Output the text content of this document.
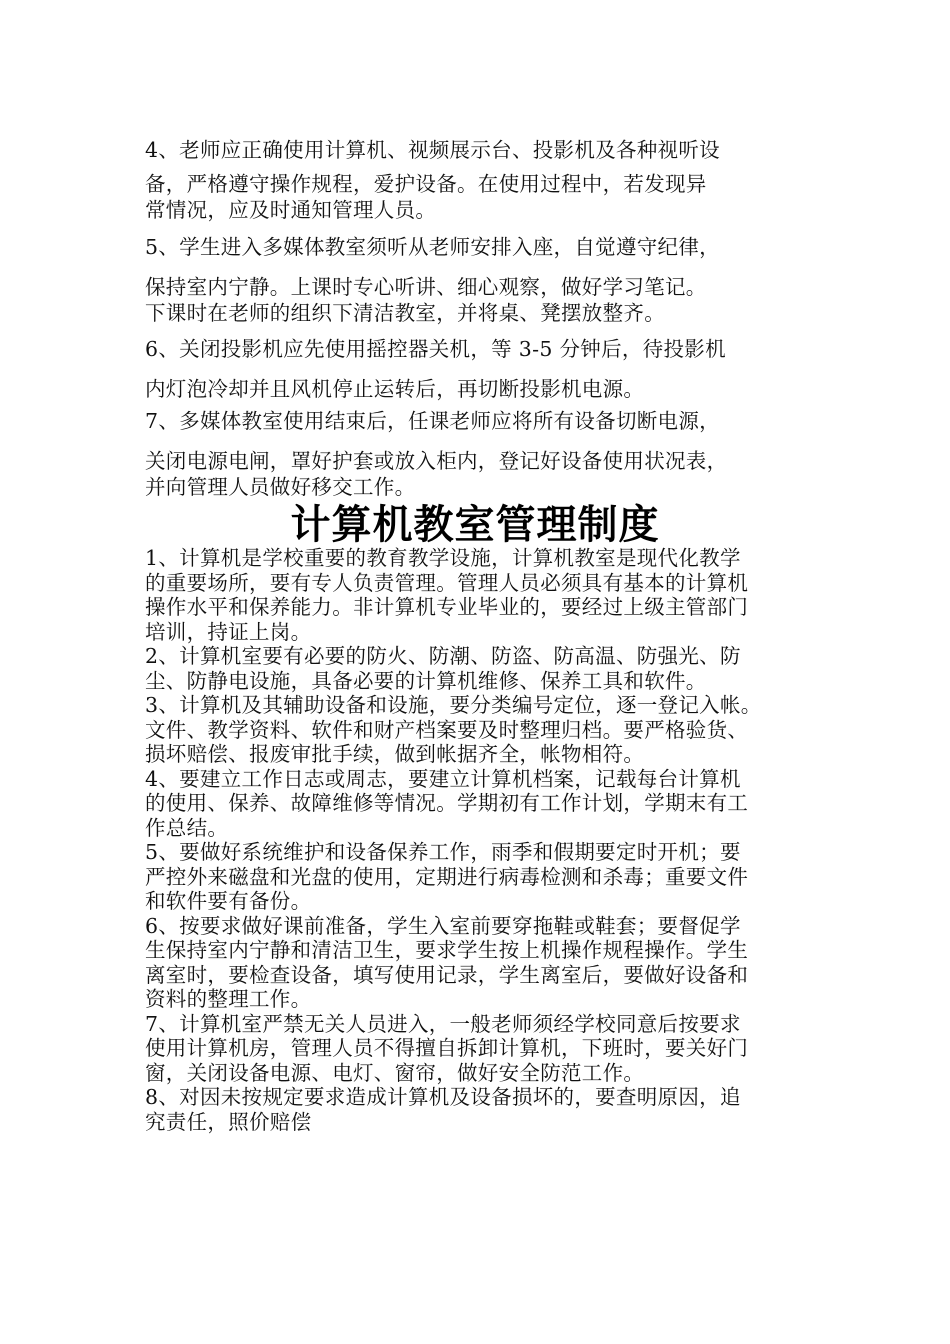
4、老师应正确使用计算机、视频展示台、投影机及各种视听设
备，严格遵守操作规程，爱护设备。在使用过程中，若发现异
常情况，应及时通知管理人员。
5、学生进入多媒体教室须听从老师安排入座，自觉遵守纪律，
保持室内宁静。上课时专心听讲、细心观察，做好学习笔记。
下课时在老师的组织下清洁教室，并将桌、凳摆放整齐。
6、关闭投影机应先使用摇控器关机，等 3-5 分钟后，待投影机
内灯泡冷却并且风机停止运转后，再切断投影机电源。
7、多媒体教室使用结束后，任课老师应将所有设备切断电源，
关闭电源电闸，罩好护套或放入柜内，登记好设备使用状况表，
并向管理人员做好移交工作。
计算机教室管理制度
1、计算机是学校重要的教育教学设施，计算机教室是现代化教学
的重要场所，要有专人负责管理。管理人员必须具有基本的计算机
操作水平和保养能力。非计算机专业毕业的，要经过上级主管部门
培训，持证上岗。
2、计算机室要有必要的防火、防潮、防盗、防高温、防强光、防
尘、防静电设施，具备必要的计算机维修、保养工具和软件。
3、计算机及其辅助设备和设施，要分类编号定位，逐一登记入帐。
文件、教学资料、软件和财产档案要及时整理归档。要严格验货、
损坏赔偿、报废审批手续，做到帐据齐全，帐物相符。
4、要建立工作日志或周志，要建立计算机档案，记载每台计算机
的使用、保养、故障维修等情况。学期初有工作计划，学期末有工
作总结。
5、要做好系统维护和设备保养工作，雨季和假期要定时开机；要
严控外来磁盘和光盘的使用，定期进行病毒检测和杀毒；重要文件
和软件要有备份。
6、按要求做好课前准备，学生入室前要穿拖鞋或鞋套；要督促学
生保持室内宁静和清洁卫生，要求学生按上机操作规程操作。学生
离室时，要检查设备，填写使用记录，学生离室后，要做好设备和
资料的整理工作。
7、计算机室严禁无关人员进入，一般老师须经学校同意后按要求
使用计算机房，管理人员不得擅自拆卸计算机，下班时，要关好门
窗，关闭设备电源、电灯、窗帘，做好安全防范工作。
8、对因未按规定要求造成计算机及设备损坏的，要查明原因，追
究责任，照价赔偿
